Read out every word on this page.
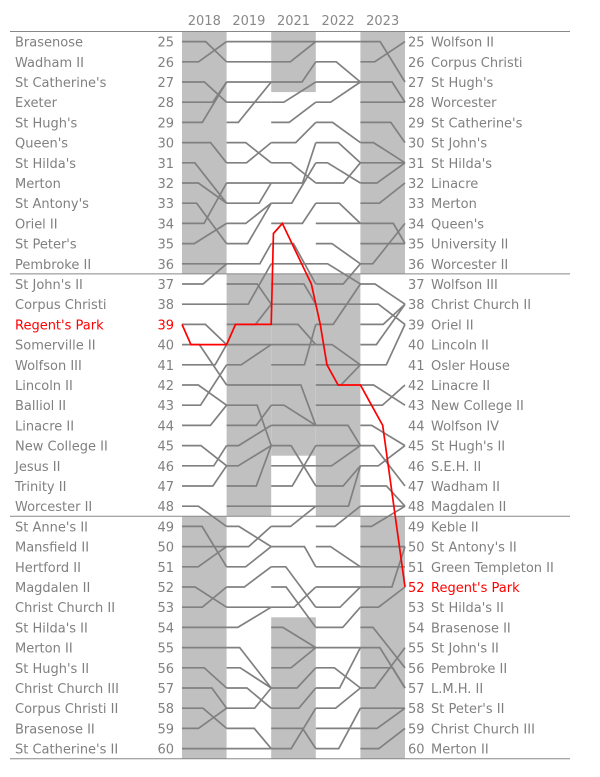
2018 2019 2021 2022 2023
Brasenose	25
Wadham II	26
St Catherine's	27
Exeter	28
St Hugh's	29
Queen's	30
St Hilda's	31
Merton	32
St Antony's	33
Oriel II	34
St Peter's	35
Pembroke II	36
St John's II	37
Corpus Christi	38
Regent's Park	39
Somerville II	40
Wolfson III	41
Lincoln II	42
Balliol II	43
Linacre II	44
New College II	45
Jesus II	46
Trinity II	47
Worcester II	48
St Anne's II	49
Mansfield II	50
Hertford II	51
Magdalen II	52
Christ Church II	53
St Hilda's II	54
Merton II	55
St Hugh's II	56
Christ Church III	57
Corpus Christi II	58
Brasenose II	59
St Catherine's II	60
25 Wolfson II
26 Corpus Christi
27 St Hugh's
28 Worcester
29 St Catherine's
30 St John's
31 St Hilda's
32 Linacre
33 Merton
34 Queen's
35 University II
36 Worcester II
37 Wolfson III
38 Christ Church II
39 Oriel II
40 Lincoln II
41 Osler House
42 Linacre II
43 New College II
44 Wolfson IV
45 St Hugh's II
46 S.E.H. II
47 Wadham II
48 Magdalen II
49 Keble II
50 St Antony's II
51 Green Templeton II
52 Regent's Park
53 St Hilda's II
54 Brasenose II
55 St John's II
56 Pembroke II
57 L.M.H. II
58 St Peter's II
59 Christ Church III
60 Merton II
